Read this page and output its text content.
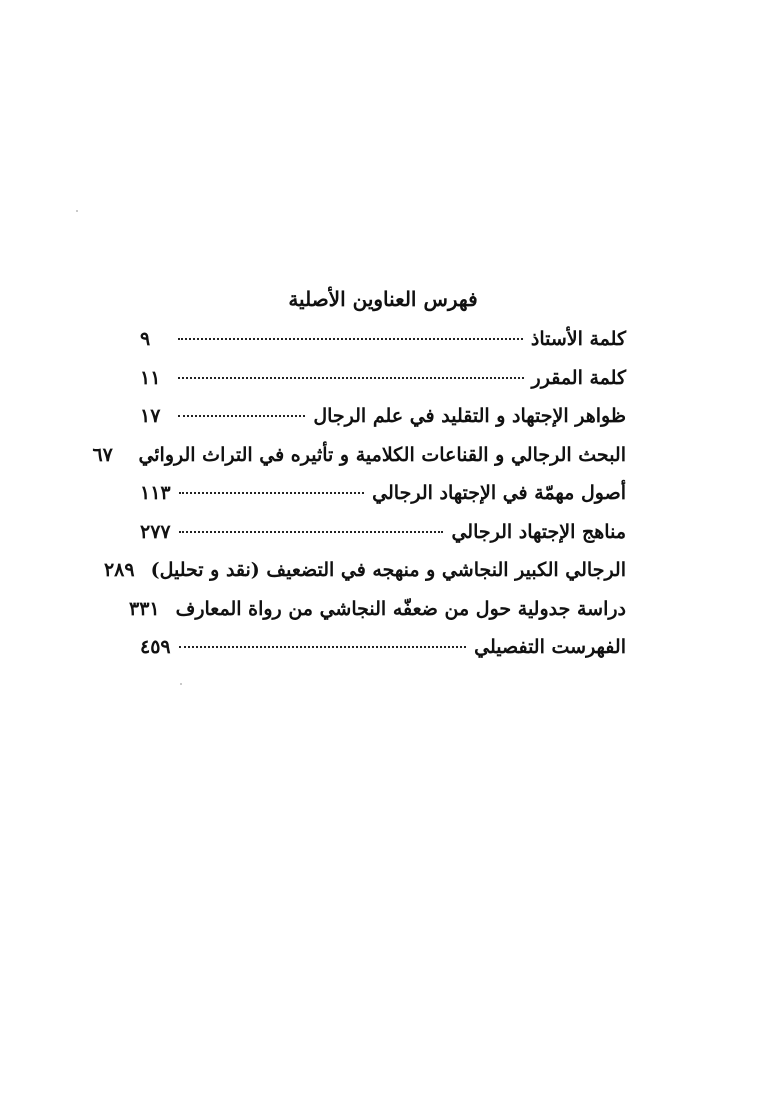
فهرس العناوين الأصلية
كلمة الأستاذ
٩
كلمة المقرر
١١
ظواهر الإجتهاد و التقليد في علم الرجال
١٧
البحث الرجالي و القناعات الكلامية و تأثيره في التراث الروائي
٦٧
أصول مهمّة في الإجتهاد الرجالي
١١٣
مناهج الإجتهاد الرجالي
٢٧٧
الرجالي الكبير النجاشي و منهجه في التضعيف (نقد و تحليل)
٢٨٩
دراسة جدولية حول من ضعفّه النجاشي من رواة المعارف
٣٣١
الفهرست التفصيلي
٤٥٩
